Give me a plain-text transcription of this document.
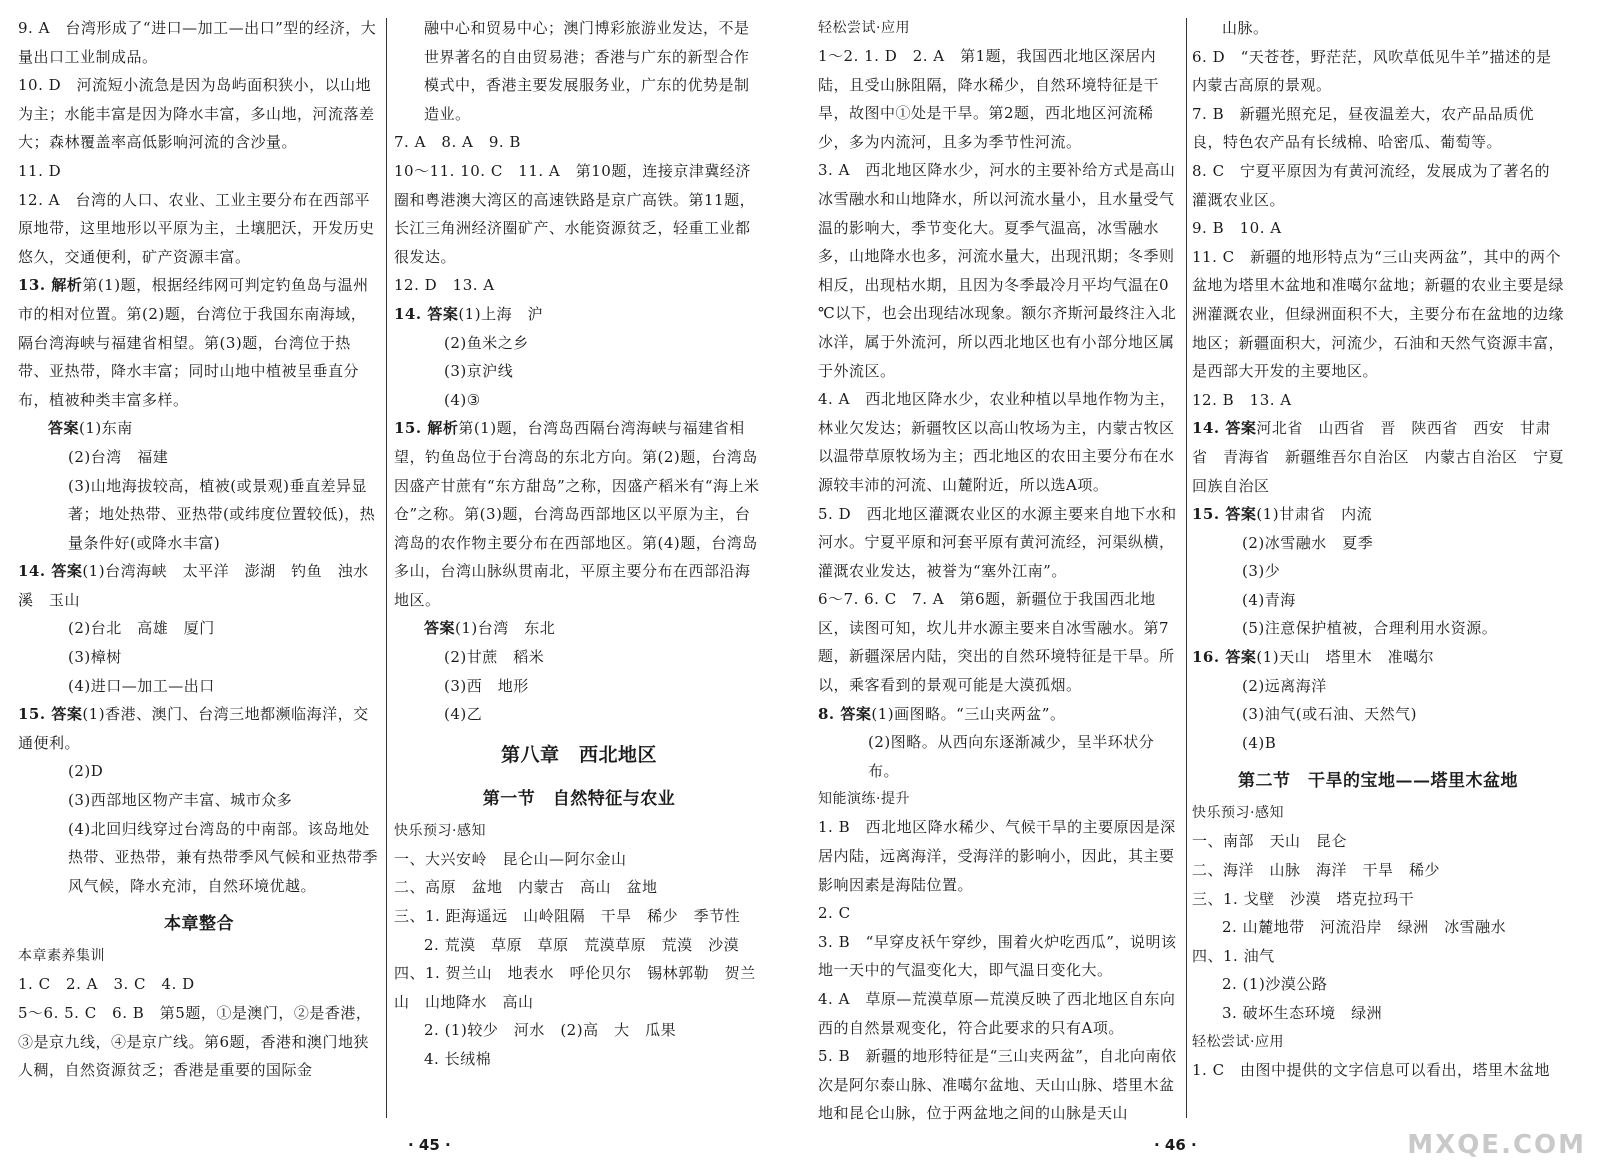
9. A　台湾形成了“进口—加工—出口”型的经济，大量出口工业制成品。

10. D　河流短小流急是因为岛屿面积狭小，以山地为主；水能丰富是因为降水丰富，多山地，河流落差大；森林覆盖率高低影响河流的含沙量。

11. D

12. A　台湾的人口、农业、工业主要分布在西部平原地带，这里地形以平原为主，土壤肥沃，开发历史悠久，交通便利，矿产资源丰富。

13. 解析第(1)题，根据经纬网可判定钓鱼岛与温州市的相对位置。第(2)题，台湾位于我国东南海域，隔台湾海峡与福建省相望。第(3)题，台湾位于热带、亚热带，降水丰富；同时山地中植被呈垂直分布，植被种类丰富多样。

答案(1)东南

(2)台湾　福建

(3)山地海拔较高，植被(或景观)垂直差异显著；地处热带、亚热带(或纬度位置较低)，热量条件好(或降水丰富)

14. 答案(1)台湾海峡　太平洋　澎湖　钓鱼　浊水溪　玉山

(2)台北　高雄　厦门

(3)樟树

(4)进口—加工—出口

15. 答案(1)香港、澳门、台湾三地都濒临海洋，交通便利。

(2)D

(3)西部地区物产丰富、城市众多

(4)北回归线穿过台湾岛的中南部。该岛地处热带、亚热带，兼有热带季风气候和亚热带季风气候，降水充沛，自然环境优越。

本章整合

本章素养集训

1. C　2. A　3. C　4. D

5～6. 5. C　6. B　第5题，①是澳门，②是香港，③是京九线，④是京广线。第6题，香港和澳门地狭人稠，自然资源贫乏；香港是重要的国际金

融中心和贸易中心；澳门博彩旅游业发达，不是世界著名的自由贸易港；香港与广东的新型合作模式中，香港主要发展服务业，广东的优势是制造业。

7. A　8. A　9. B

10～11. 10. C　11. A　第10题，连接京津冀经济圈和粤港澳大湾区的高速铁路是京广高铁。第11题，长江三角洲经济圈矿产、水能资源贫乏，轻重工业都很发达。

12. D　13. A

14. 答案(1)上海　沪

(2)鱼米之乡

(3)京沪线

(4)③

15. 解析第(1)题，台湾岛西隔台湾海峡与福建省相望，钓鱼岛位于台湾岛的东北方向。第(2)题，台湾岛因盛产甘蔗有“东方甜岛”之称，因盛产稻米有“海上米仓”之称。第(3)题，台湾岛西部地区以平原为主，台湾岛的农作物主要分布在西部地区。第(4)题，台湾岛多山，台湾山脉纵贯南北，平原主要分布在西部沿海地区。

答案(1)台湾　东北

(2)甘蔗　稻米

(3)西　地形

(4)乙

第八章　西北地区
第一节　自然特征与农业

快乐预习·感知

一、大兴安岭　昆仑山—阿尔金山

二、高原　盆地　内蒙古　高山　盆地

三、1. 距海遥远　山岭阻隔　干旱　稀少　季节性

2. 荒漠　草原　草原　荒漠草原　荒漠　沙漠

四、1. 贺兰山　地表水　呼伦贝尔　锡林郭勒　贺兰山　山地降水　高山

2. (1)较少　河水　(2)高　大　瓜果

4. 长绒棉

轻松尝试·应用

1～2. 1. D　2. A　第1题，我国西北地区深居内陆，且受山脉阻隔，降水稀少，自然环境特征是干旱，故图中①处是干旱。第2题，西北地区河流稀少，多为内流河，且多为季节性河流。

3. A　西北地区降水少，河水的主要补给方式是高山冰雪融水和山地降水，所以河流水量小，且水量受气温的影响大，季节变化大。夏季气温高，冰雪融水多，山地降水也多，河流水量大，出现汛期；冬季则相反，出现枯水期，且因为冬季最冷月平均气温在0 ℃以下，也会出现结冰现象。额尔齐斯河最终注入北冰洋，属于外流河，所以西北地区也有小部分地区属于外流区。

4. A　西北地区降水少，农业种植以旱地作物为主，林业欠发达；新疆牧区以高山牧场为主，内蒙古牧区以温带草原牧场为主；西北地区的农田主要分布在水源较丰沛的河流、山麓附近，所以选A项。

5. D　西北地区灌溉农业区的水源主要来自地下水和河水。宁夏平原和河套平原有黄河流经，河渠纵横，灌溉农业发达，被誉为“塞外江南”。

6～7. 6. C　7. A　第6题，新疆位于我国西北地区，读图可知，坎儿井水源主要来自冰雪融水。第7题，新疆深居内陆，突出的自然环境特征是干旱。所以，乘客看到的景观可能是大漠孤烟。

8. 答案(1)画图略。“三山夹两盆”。

(2)图略。从西向东逐渐减少，呈半环状分布。

知能演练·提升

1. B　西北地区降水稀少、气候干旱的主要原因是深居内陆，远离海洋，受海洋的影响小，因此，其主要影响因素是海陆位置。

2. C

3. B　“早穿皮袄午穿纱，围着火炉吃西瓜”，说明该地一天中的气温变化大，即气温日变化大。

4. A　草原—荒漠草原—荒漠反映了西北地区自东向西的自然景观变化，符合此要求的只有A项。

5. B　新疆的地形特征是“三山夹两盆”，自北向南依次是阿尔泰山脉、准噶尔盆地、天山山脉、塔里木盆地和昆仑山脉，位于两盆地之间的山脉是天山

山脉。

6. D　“天苍苍，野茫茫，风吹草低见牛羊”描述的是内蒙古高原的景观。

7. B　新疆光照充足，昼夜温差大，农产品品质优良，特色农产品有长绒棉、哈密瓜、葡萄等。

8. C　宁夏平原因为有黄河流经，发展成为了著名的灌溉农业区。

9. B　10. A

11. C　新疆的地形特点为“三山夹两盆”，其中的两个盆地为塔里木盆地和准噶尔盆地；新疆的农业主要是绿洲灌溉农业，但绿洲面积不大，主要分布在盆地的边缘地区；新疆面积大，河流少，石油和天然气资源丰富，是西部大开发的主要地区。

12. B　13. A

14. 答案河北省　山西省　晋　陕西省　西安　甘肃省　青海省　新疆维吾尔自治区　内蒙古自治区　宁夏回族自治区

15. 答案(1)甘肃省　内流

(2)冰雪融水　夏季

(3)少

(4)青海

(5)注意保护植被，合理利用水资源。

16. 答案(1)天山　塔里木　准噶尔

(2)远离海洋

(3)油气(或石油、天然气)

(4)B

第二节　干旱的宝地——塔里木盆地

快乐预习·感知

一、南部　天山　昆仑

二、海洋　山脉　海洋　干旱　稀少

三、1. 戈壁　沙漠　塔克拉玛干

2. 山麓地带　河流沿岸　绿洲　冰雪融水

四、1. 油气

2. (1)沙漠公路

3. 破坏生态环境　绿洲

轻松尝试·应用

1. C　由图中提供的文字信息可以看出，塔里木盆地

· 45 ·	· 46 ·	MXQE.COM
